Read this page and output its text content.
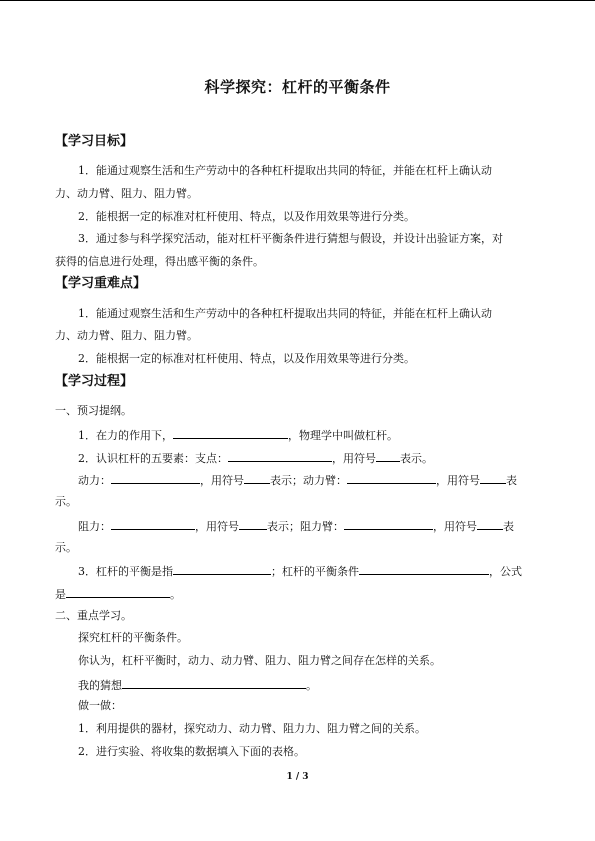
科学探究：杠杆的平衡条件
【学习目标】
1．能通过观察生活和生产劳动中的各种杠杆提取出共同的特征，并能在杠杆上确认动
力、动力臂、阻力、阻力臂。
2．能根据一定的标准对杠杆使用、特点，以及作用效果等进行分类。
3．通过参与科学探究活动，能对杠杆平衡条件进行猜想与假设，并设计出验证方案，对
获得的信息进行处理，得出感平衡的条件。
【学习重难点】
1．能通过观察生活和生产劳动中的各种杠杆提取出共同的特征，并能在杠杆上确认动
力、动力臂、阻力、阻力臂。
2．能根据一定的标准对杠杆使用、特点，以及作用效果等进行分类。
【学习过程】
一、预习提纲。
1．在力的作用下，	，物理学中叫做杠杆。
2．认识杠杆的五要素：支点：	，用符号 表示。
动力：	，用符号 表示；动力臂：	，用符号 表
示。
阻力：	，用符号	表示；阻力臂：	，用符号 表
示。
3．杠杆的平衡是指	；杠杆的平衡条件	，公式
是	。
二、重点学习。
探究杠杆的平衡条件。
你认为，杠杆平衡时，动力、动力臂、阻力、阻力臂之间存在怎样的关系。
我的猜想	。
做一做：
1．利用提供的器材，探究动力、动力臂、阻力力、阻力臂之间的关系。
2．进行实验、将收集的数据填入下面的表格。
1 / 3
